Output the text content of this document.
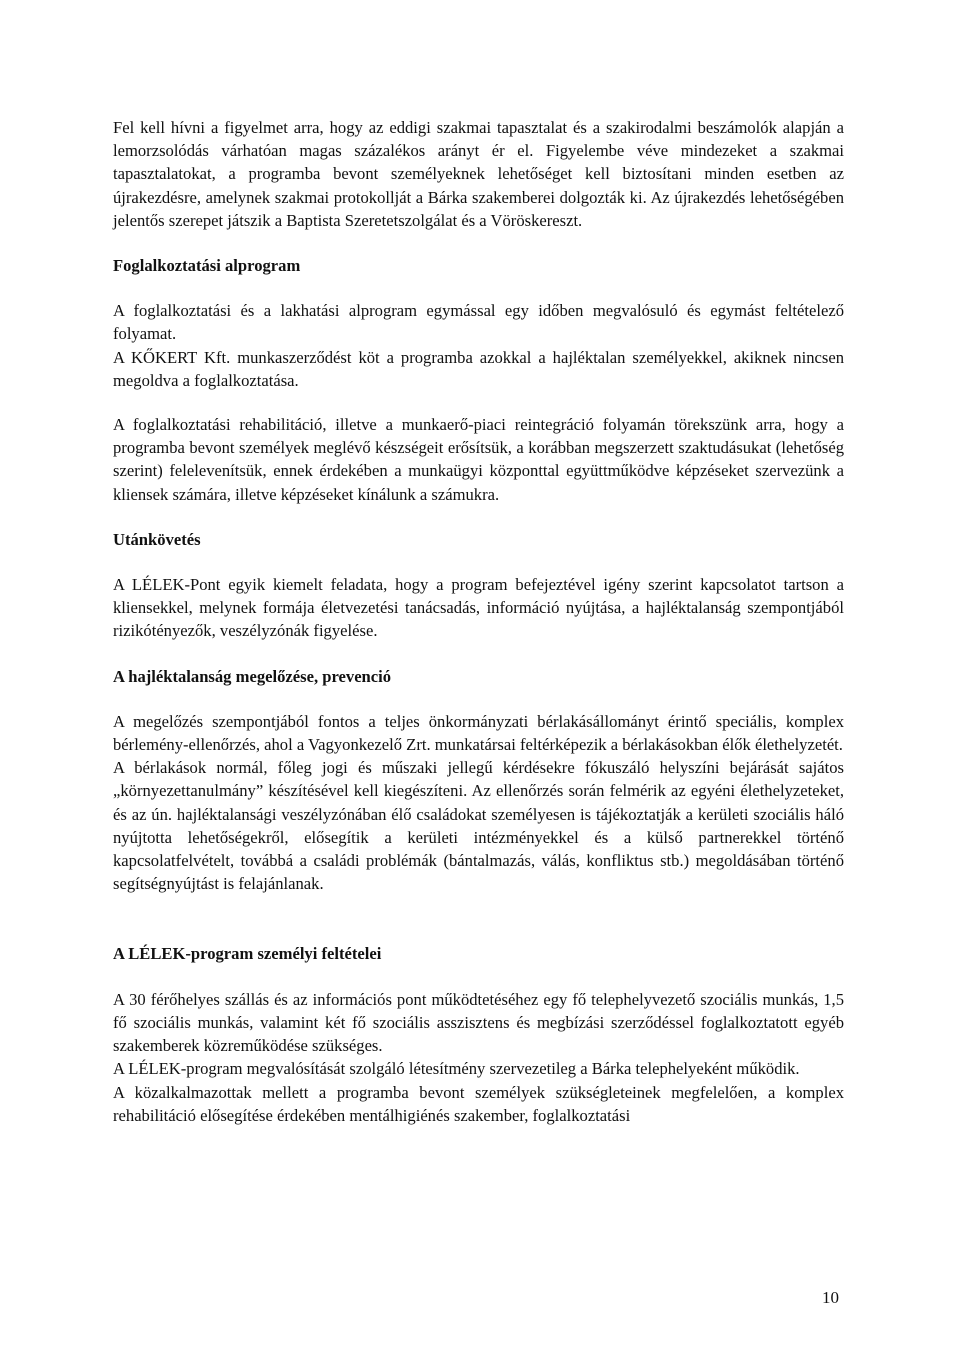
Fel kell hívni a figyelmet arra, hogy az eddigi szakmai tapasztalat és a szakirodalmi beszámolók alapján a lemorzsolódás várhatóan magas százalékos arányt ér el. Figyelembe véve mindezeket a szakmai tapasztalatokat, a programba bevont személyeknek lehetőséget kell biztosítani minden esetben az újrakezdésre, amelynek szakmai protokollját a Bárka szakemberei dolgozták ki. Az újrakezdés lehetőségében jelentős szerepet játszik a Baptista Szeretetszolgálat és a Vöröskereszt.

Foglalkoztatási alprogram

A foglalkoztatási és a lakhatási alprogram egymással egy időben megvalósuló és egymást feltételező folyamat.

A KŐKERT Kft. munkaszerződést köt a programba azokkal a hajléktalan személyekkel, akiknek nincsen megoldva a foglalkoztatása.

A foglalkoztatási rehabilitáció, illetve a munkaerő-piaci reintegráció folyamán törekszünk arra, hogy a programba bevont személyek meglévő készségeit erősítsük, a korábban megszerzett szaktudásukat (lehetőség szerint) felelevenítsük, ennek érdekében a munkaügyi központtal együttműködve képzéseket szervezünk a kliensek számára, illetve képzéseket kínálunk a számukra.

Utánkövetés

A LÉLEK-Pont egyik kiemelt feladata, hogy a program befejeztével igény szerint kapcsolatot tartson a kliensekkel, melynek formája életvezetési tanácsadás, információ nyújtása, a hajléktalanság szempontjából rizikótényezők, veszélyzónák figyelése.

A hajléktalanság megelőzése, prevenció

A megelőzés szempontjából fontos a teljes önkormányzati bérlakásállományt érintő speciális, komplex bérlemény-ellenőrzés, ahol a Vagyonkezelő Zrt. munkatársai feltérképezik a bérlakásokban élők élethelyzetét.

A bérlakások normál, főleg jogi és műszaki jellegű kérdésekre fókuszáló helyszíni bejárását sajátos „környezettanulmány” készítésével kell kiegészíteni. Az ellenőrzés során felmérik az egyéni élethelyzeteket, és az ún. hajléktalansági veszélyzónában élő családokat személyesen is tájékoztatják a kerületi szociális háló nyújtotta lehetőségekről, elősegítik a kerületi intézményekkel és a külső partnerekkel történő kapcsolatfelvételt, továbbá a családi problémák (bántalmazás, válás, konfliktus stb.) megoldásában történő segítségnyújtást is felajánlanak.

A LÉLEK-program személyi feltételei

A 30 férőhelyes szállás és az információs pont működtetéséhez egy fő telephelyvezető szociális munkás, 1,5 fő szociális munkás, valamint két fő szociális asszisztens és megbízási szerződéssel foglalkoztatott egyéb szakemberek közreműködése szükséges.

A LÉLEK-program megvalósítását szolgáló létesítmény szervezetileg a Bárka telephelyeként működik.

A közalkalmazottak mellett a programba bevont személyek szükségleteinek megfelelően, a komplex rehabilitáció elősegítése érdekében mentálhigiénés szakember, foglalkoztatási

10
